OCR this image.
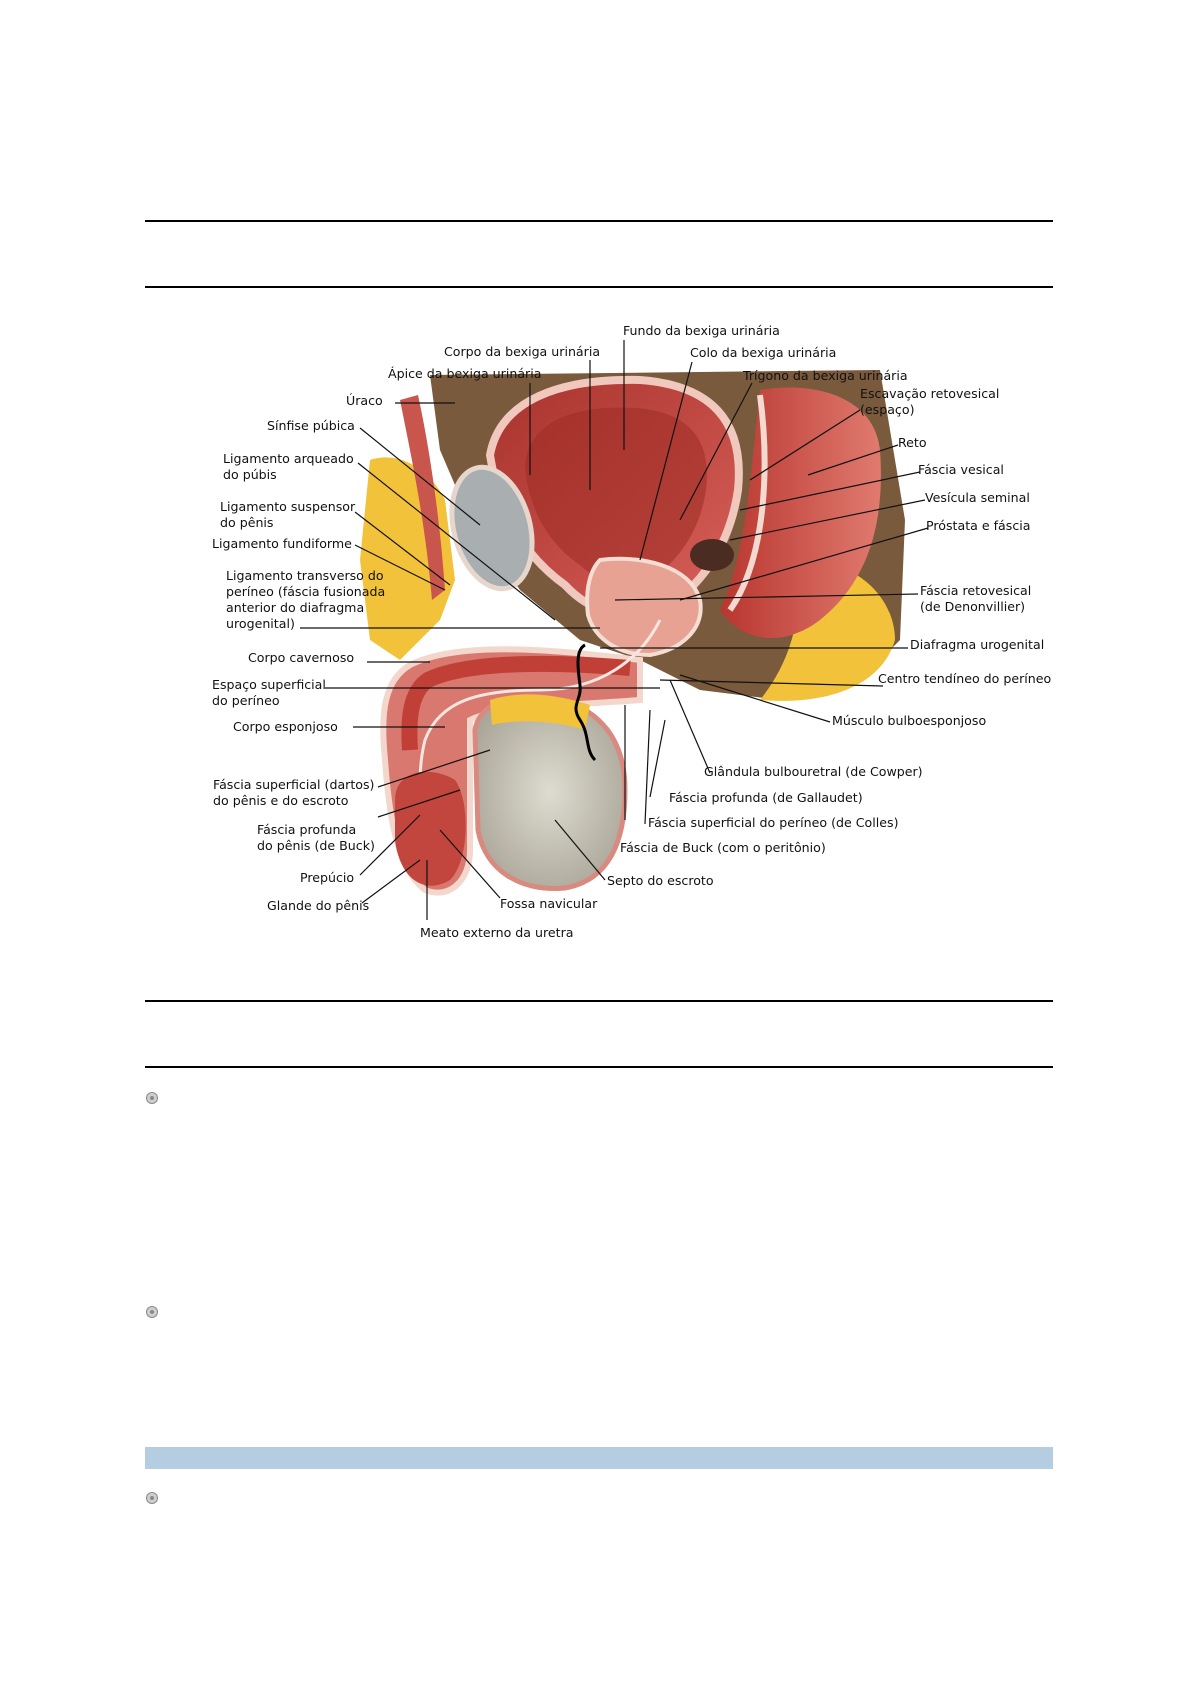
Fundo da bexiga urinária
Corpo da bexiga urinária	Colo da bexiga urinária
Ápice da bexiga urinária	Trígono da bexiga urinária
Úraco	Escavação retovesical
(espaço)
Sínfise púbica
Reto
Ligamento arqueado
do púbis	Fáscia vesical
Ligamento suspensor
do pênis
Vesícula seminal
Próstata e fáscia
Ligamento fundiforme
Ligamento transverso do
períneo (fáscia fusionada
anterior do diafragma
urogenital)
Fáscia retovesical
(de Denonvillier)
Corpo cavernoso
Diafragma urogenital
Espaço superficial
do períneo
Centro tendíneo do períneo
Corpo esponjoso	Músculo bulboesponjoso
Glândula bulbouretral (de Cowper)
Fáscia superficial (dartos)
do pênis e do escroto	Fáscia profunda (de Gallaudet)
Fáscia profunda
do pênis (de Buck)
Fáscia superficial do períneo (de Colles)
Fáscia de Buck (com o peritônio)
Prepúcio	Septo do escroto
Glande do pênis	Fossa navicular
Meato externo da uretra
